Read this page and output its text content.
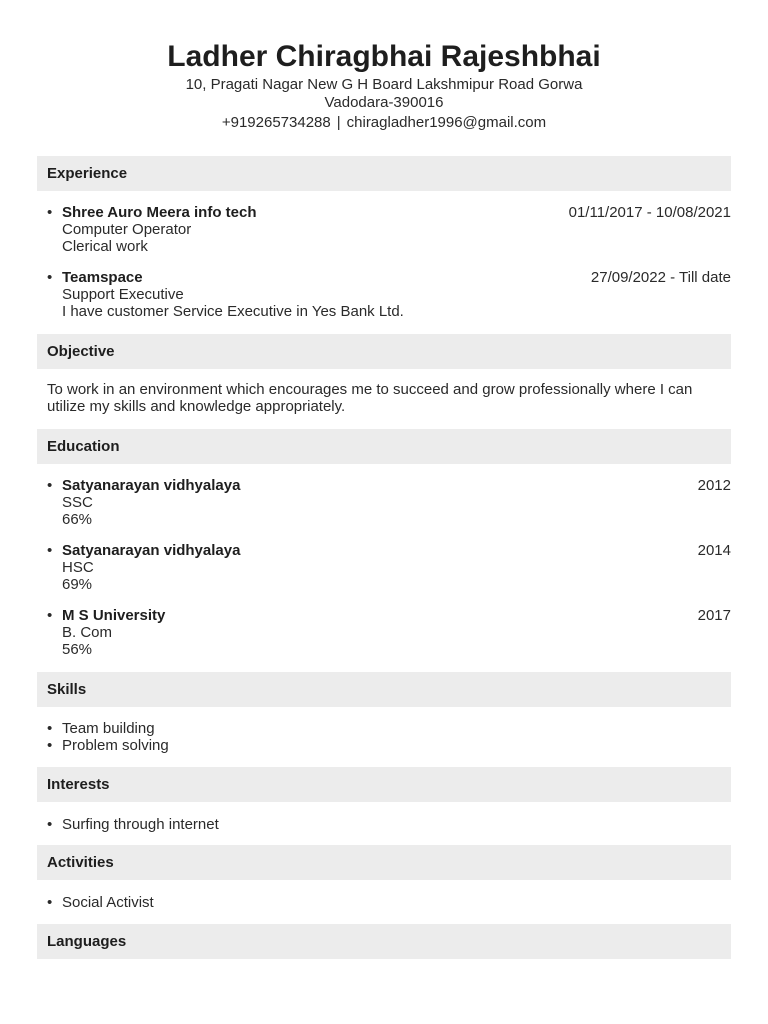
Ladher Chiragbhai Rajeshbhai
10, Pragati Nagar New G H Board Lakshmipur Road Gorwa
Vadodara-390016
+919265734288 | chiragladher1996@gmail.com
Experience
• Shree Auro Meera info tech
Computer Operator
Clerical work
01/11/2017 - 10/08/2021
• Teamspace
Support Executive
I have customer Service Executive in Yes Bank Ltd.
27/09/2022 - Till date
Objective
To work in an environment which encourages me to succeed and grow professionally where I can utilize my skills and knowledge appropriately.
Education
• Satyanarayan vidhyalaya
SSC
66%
2012
• Satyanarayan vidhyalaya
HSC
69%
2014
• M S University
B. Com
56%
2017
Skills
• Team building
• Problem solving
Interests
• Surfing through internet
Activities
• Social Activist
Languages
